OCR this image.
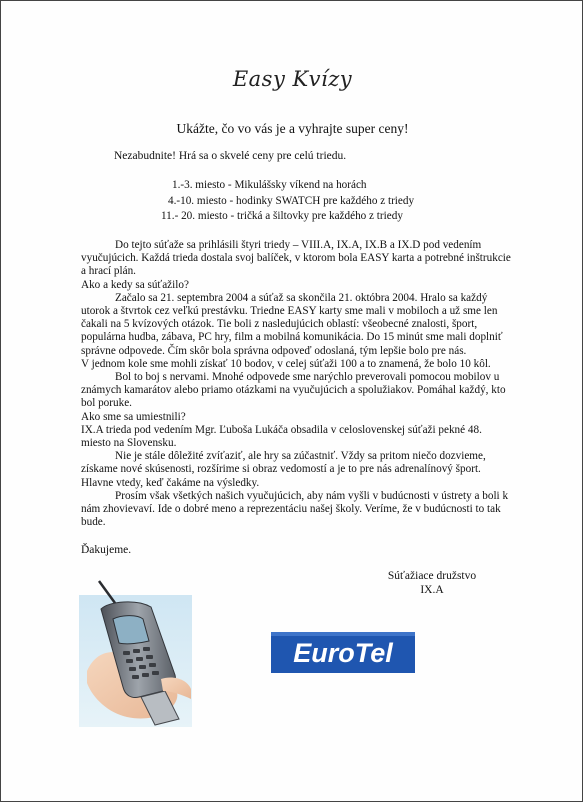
Easy Kvízy
Ukážte, čo vo vás je a vyhrajte super ceny!
Nezabudnite! Hrá sa o skvelé ceny pre celú triedu.
1.-3. miesto - Mikulášsky víkend na horách
4.-10. miesto - hodinky SWATCH pre každého z triedy
11.- 20. miesto - tričká a šiltovky pre každého z triedy

Do tejto súťaže sa prihlásili štyri triedy – VIII.A, IX.A, IX.B a IX.D pod vedením vyučujúcich. Každá trieda dostala svoj balíček, v ktorom bola EASY karta a potrebné inštrukcie a hrací plán.

Ako a kedy sa súťažilo?

Začalo sa 21. septembra 2004 a súťaž sa skončila 21. októbra 2004. Hralo sa každý utorok a štvrtok cez veľkú prestávku. Triedne EASY karty sme mali v mobiloch a už sme len čakali na 5 kvízových otázok. Tie boli z nasledujúcich oblastí: všeobecné znalosti, šport, populárna hudba, zábava, PC hry, film a mobilná komunikácia. Do 15 minút sme mali doplniť správne odpovede. Čím skôr bola správna odpoveď odoslaná, tým lepšie bolo pre nás.

V jednom kole sme mohli získať 10 bodov, v celej súťaži 100 a to znamená, že bolo 10 kôl.

Bol to boj s nervami. Mnohé odpovede sme narýchlo preverovali pomocou mobilov u známych kamarátov alebo priamo otázkami na vyučujúcich a spolužiakov. Pomáhal každý, kto bol poruke.

Ako sme sa umiestnili?

IX.A trieda pod vedením Mgr. Ľuboša Lukáča obsadila v celoslovenskej súťaži pekné 48. miesto na Slovensku.

Nie je stále dôležité zvíťaziť, ale hry sa zúčastniť. Vždy sa pritom niečo dozvieme, získame nové skúsenosti, rozšírime si obraz vedomostí a je to pre nás adrenalínový šport. Hlavne vtedy, keď čakáme na výsledky.

Prosím však všetkých našich vyučujúcich, aby nám vyšli v budúcnosti v ústrety a boli k nám zhovievaví. Ide o dobré meno a reprezentáciu našej školy. Veríme, že v budúcnosti to tak bude.

Ďakujeme.
Súťažiace družstvo
IX.A
EuroTel
